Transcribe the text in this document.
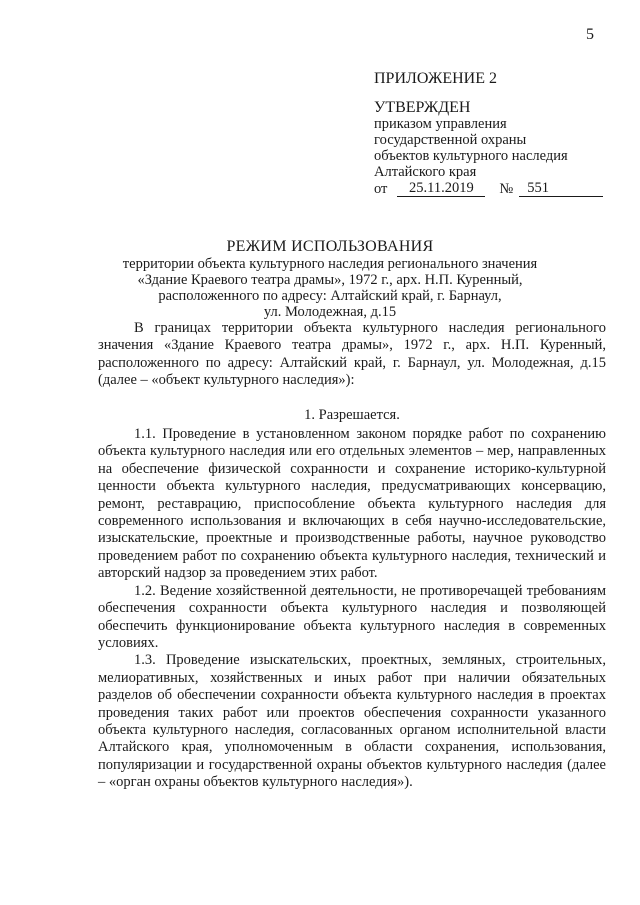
5
ПРИЛОЖЕНИЕ 2
УТВЕРЖДЕН
приказом управления
государственной охраны
объектов культурного наследия
Алтайского края
от	25.11.2019	№ 551
РЕЖИМ ИСПОЛЬЗОВАНИЯ
территории объекта культурного наследия регионального значения
«Здание Краевого театра драмы», 1972 г., арх. Н.П. Куренный,
расположенного по адресу: Алтайский край, г. Барнаул,
ул. Молодежная, д.15

В границах территории объекта культурного наследия регионального значения «Здание Краевого театра драмы», 1972 г., арх. Н.П. Куренный, расположенного по адресу: Алтайский край, г. Барнаул, ул. Молодежная, д.15 (далее – «объект культурного наследия»):

1. Разрешается.

1.1. Проведение в установленном законом порядке работ по сохранению объекта культурного наследия или его отдельных элементов – мер, направленных на обеспечение физической сохранности и сохранение историко-культурной ценности объекта культурного наследия, предусматривающих консервацию, ремонт, реставрацию, приспособление объекта культурного наследия для современного использования и включающих в себя научно-исследовательские, изыскательские, проектные и производственные работы, научное руководство проведением работ по сохранению объекта культурного наследия, технический и авторский надзор за проведением этих работ.

1.2. Ведение хозяйственной деятельности, не противоречащей требованиям обеспечения сохранности объекта культурного наследия и позволяющей обеспечить функционирование объекта культурного наследия в современных условиях.

1.3. Проведение изыскательских, проектных, земляных, строительных, мелиоративных, хозяйственных и иных работ при наличии обязательных разделов об обеспечении сохранности объекта культурного наследия в проектах проведения таких работ или проектов обеспечения сохранности указанного объекта культурного наследия, согласованных органом исполнительной власти Алтайского края, уполномоченным в области сохранения, использования, популяризации и государственной охраны объектов культурного наследия (далее – «орган охраны объектов культурного наследия»).
